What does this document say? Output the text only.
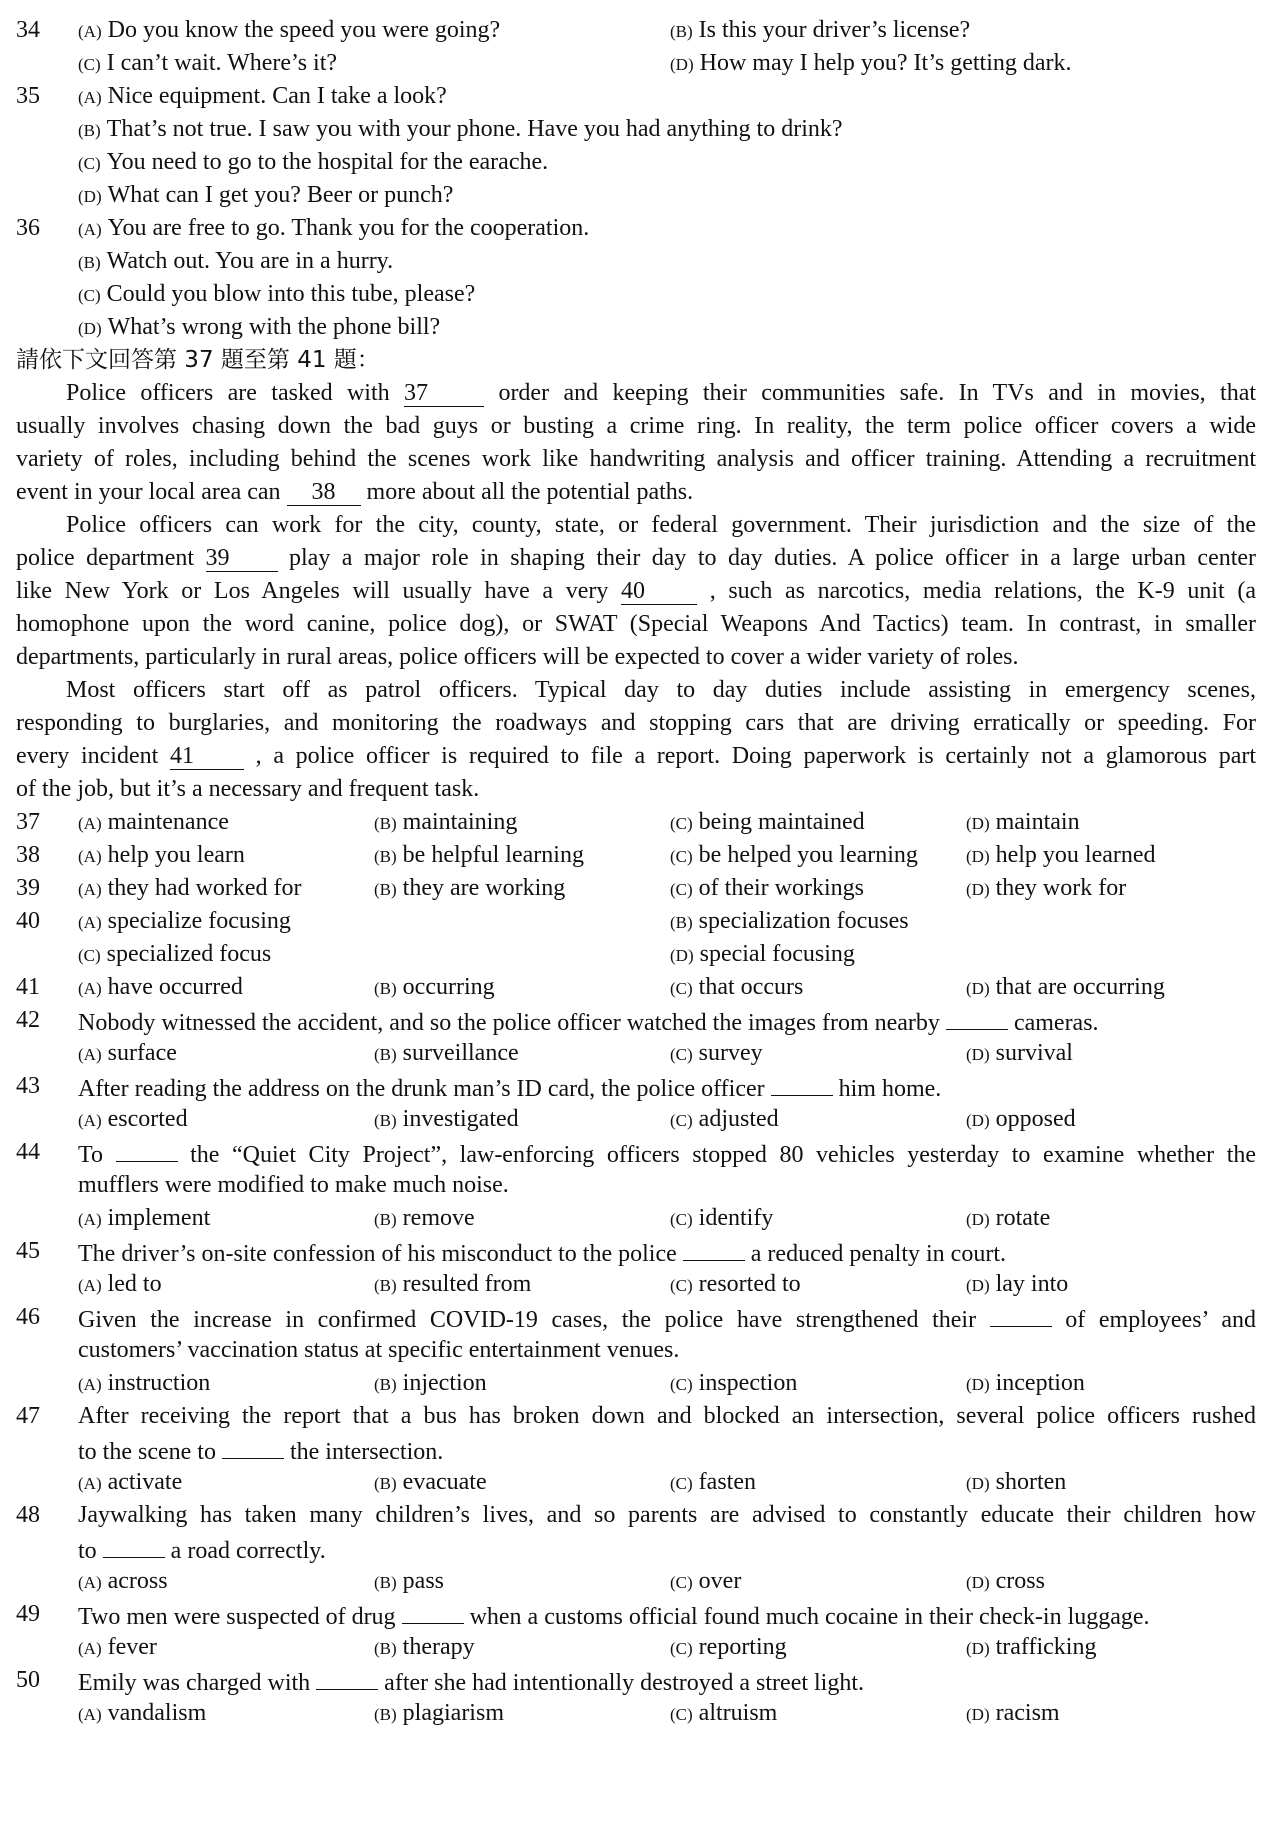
34 (A) Do you know the speed you were going?	(B) Is this your driver’s license?
(C) I can’t wait. Where’s it?	(D) How may I help you? It’s getting dark.
35 (A) Nice equipment. Can I take a look?
(B) That’s not true. I saw you with your phone. Have you had anything to drink?
(C) You need to go to the hospital for the earache.
(D) What can I get you? Beer or punch?
36 (A) You are free to go. Thank you for the cooperation.
(B) Watch out. You are in a hurry.
(C) Could you blow into this tube, please?
(D) What’s wrong with the phone bill?
請依下文回答第 37 題至第 41 題：
Police officers are tasked with 37	order and keeping their communities safe. In TVs and in movies, that
usually involves chasing down the bad guys or busting a crime ring. In reality, the term police officer covers a wide
variety of roles, including behind the scenes work like handwriting analysis and officer training. Attending a recruitment
event in your local area can 38 more about all the potential paths.
Police officers can work for the city, county, state, or federal government. Their jurisdiction and the size of the
police department 39 play a major role in shaping their day to day duties. A police officer in a large urban center
like New York or Los Angeles will usually have a very 40	, such as narcotics, media relations, the K-9 unit (a
homophone upon the word canine, police dog), or SWAT (Special Weapons And Tactics) team. In contrast, in smaller
departments, particularly in rural areas, police officers will be expected to cover a wider variety of roles.
Most officers start off as patrol officers. Typical day to day duties include assisting in emergency scenes,
responding to burglaries, and monitoring the roadways and stopping cars that are driving erratically or speeding. For
every incident 41	, a police officer is required to file a report. Doing paperwork is certainly not a glamorous part
of the job, but it’s a necessary and frequent task.
37 (A) maintenance	(B) maintaining	(C) being maintained	(D) maintain
38 (A) help you learn	(B) be helpful learning	(C) be helped you learning	(D) help you learned
39 (A) they had worked for	(B) they are working	(C) of their workings	(D) they work for
40 (A) specialize focusing	(B) specialization focuses
(C) specialized focus	(D) special focusing
41 (A) have occurred	(B) occurring	(C) that occurs	(D) that are occurring
42 Nobody witnessed the accident, and so the police officer watched the images from nearby	cameras.
(A) surface	(B) surveillance	(C) survey	(D) survival
43 After reading the address on the drunk man’s ID card, the police officer	him home.
(A) escorted	(B) investigated	(C) adjusted	(D) opposed
44 To	the “Quiet City Project”, law-enforcing officers stopped 80 vehicles yesterday to examine whether the
mufflers were modified to make much noise.
(A) implement	(B) remove	(C) identify	(D) rotate
45 The driver’s on-site confession of his misconduct to the police	a reduced penalty in court.
(A) led to	(B) resulted from	(C) resorted to	(D) lay into
46 Given the increase in confirmed COVID-19 cases, the police have strengthened their	of employees’ and
customers’ vaccination status at specific entertainment venues.
(A) instruction	(B) injection	(C) inspection	(D) inception
47 After receiving the report that a bus has broken down and blocked an intersection, several police officers rushed
to the scene to	the intersection.
(A) activate	(B) evacuate	(C) fasten	(D) shorten
48 Jaywalking has taken many children’s lives, and so parents are advised to constantly educate their children how
to	a road correctly.
(A) across	(B) pass	(C) over	(D) cross
49 Two men were suspected of drug	when a customs official found much cocaine in their check-in luggage.
(A) fever	(B) therapy	(C) reporting	(D) trafficking
50 Emily was charged with	after she had intentionally destroyed a street light.
(A) vandalism	(B) plagiarism	(C) altruism	(D) racism
